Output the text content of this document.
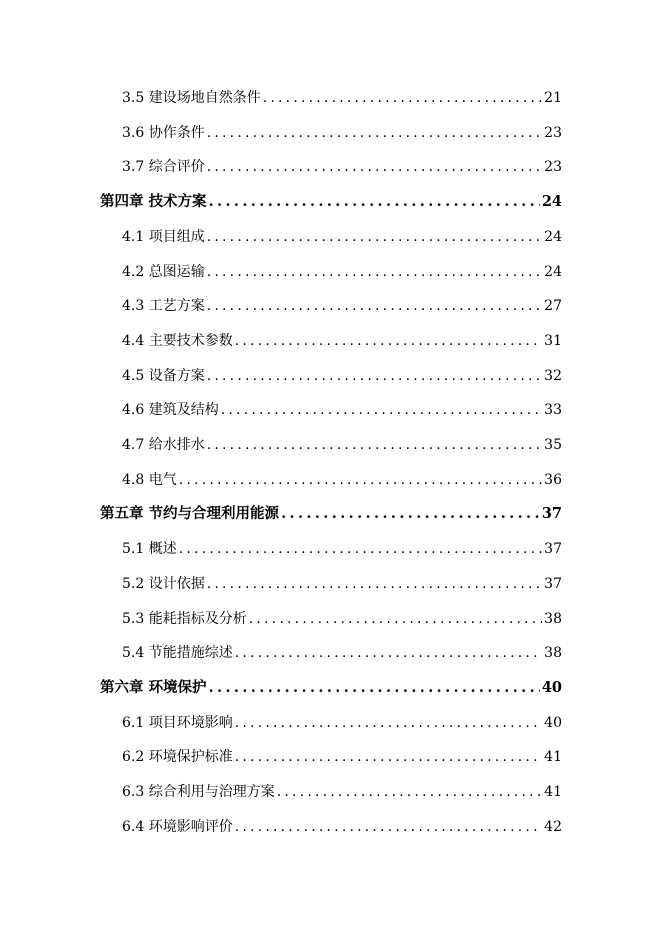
3.5 建设场地自然条件 .....	21
3.6 协作条件 .....	23
3.7 综合评价 .....	23
第四章 技术方案 .....	24
4.1 项目组成 .....	24
4.2 总图运输 .....	24
4.3 工艺方案 .....	27
4.4 主要技术参数 .....	31
4.5 设备方案 .....	32
4.6 建筑及结构 .....	33
4.7 给水排水 .....	35
4.8 电气 .....	36
第五章 节约与合理利用能源 .....	37
5.1 概述 .....	37
5.2 设计依据 .....	37
5.3 能耗指标及分析 .....	38
5.4 节能措施综述 .....	38
第六章 环境保护 .....	40
6.1 项目环境影响 .....	40
6.2 环境保护标准 .....	41
6.3 综合利用与治理方案 .....	41
6.4 环境影响评价 .....	42
